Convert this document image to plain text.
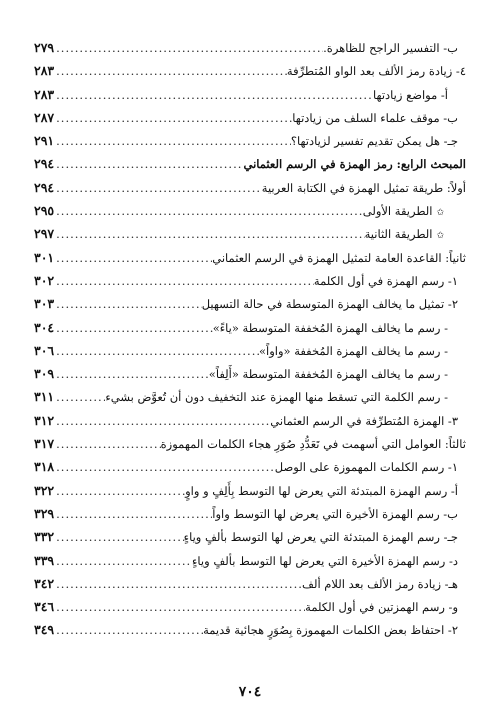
ب- التفسير الراجح للظاهرة.
.....
٢٧٩
٤- زيادة رمز الألف بعد الواو المُتطرِّفة
.....
٢٨٣
أ- مواضع زيادتها
.....
٢٨٣
ب- موقف علماء السلف من زيادتها
.....
٢٨٧
جـ- هل يمكن تقديم تفسير لزيادتها؟
.....
٢٩١
المبحث الرابع: رمز الهمزة في الرسم العثماني
.....
٢٩٤
أولاً: طريقة تمثيل الهمزة في الكتابة العربية
.....
٢٩٤
✩الطريقة الأولى
.....
٢٩٥
✩الطريقة الثانية
.....
٢٩٧
ثانياً: القاعدة العامة لتمثيل الهمزة في الرسم العثماني
.....
٣٠١
١- رسم الهمزة في أول الكلمة
.....
٣٠٢
٢- تمثيل ما يخالف الهمزة المتوسطة في حالة التسهيل
.....
٣٠٣
- رسم ما يخالف الهمزة المُخففة المتوسطة «ياءً»
.....
٣٠٤
- رسم ما يخالف الهمزة المُخففة «واواً»
.....
٣٠٦
- رسم ما يخالف الهمزة المُخففة المتوسطة «أَلِفاً»
.....
٣٠٩
- رسم الكلمة التي تسقط منها الهمزة عند التخفيف دون أن تُعوَّض بشيء
.....
٣١١
٣- الهمزة المُتطرِّفة في الرسم العثماني
.....
٣١٢
ثالثاً: العوامل التي أسهمت في تَعَدُّدِ صُوَرِ هجاء الكلمات المهموزة
.....
٣١٧
١- رسم الكلمات المهموزة على الوصل
.....
٣١٨
أ- رسم الهمزة المبتدئة التي يعرض لها التوسط بِأَلِفٍ و واوٍ
.....
٣٢٢
ب- رسم الهمزة الأخيرة التي يعرض لها التوسط واواً
.....
٣٢٩
جـ- رسم الهمزة المبتدئة التي يعرض لها التوسط بألفٍ وياءٍ
.....
٣٣٢
د- رسم الهمزة الأخيرة التي يعرض لها التوسط بألفٍ وياءٍ
.....
٣٣٩
هـ- زيادة رمز الألف بعد اللام ألف
.....
٣٤٢
و- رسم الهمزتين في أول الكلمة
.....
٣٤٦
٢- احتفاظ بعض الكلمات المهموزة بِصُوَرٍ هجائية قديمة
.....
٣٤٩
٧٠٤
